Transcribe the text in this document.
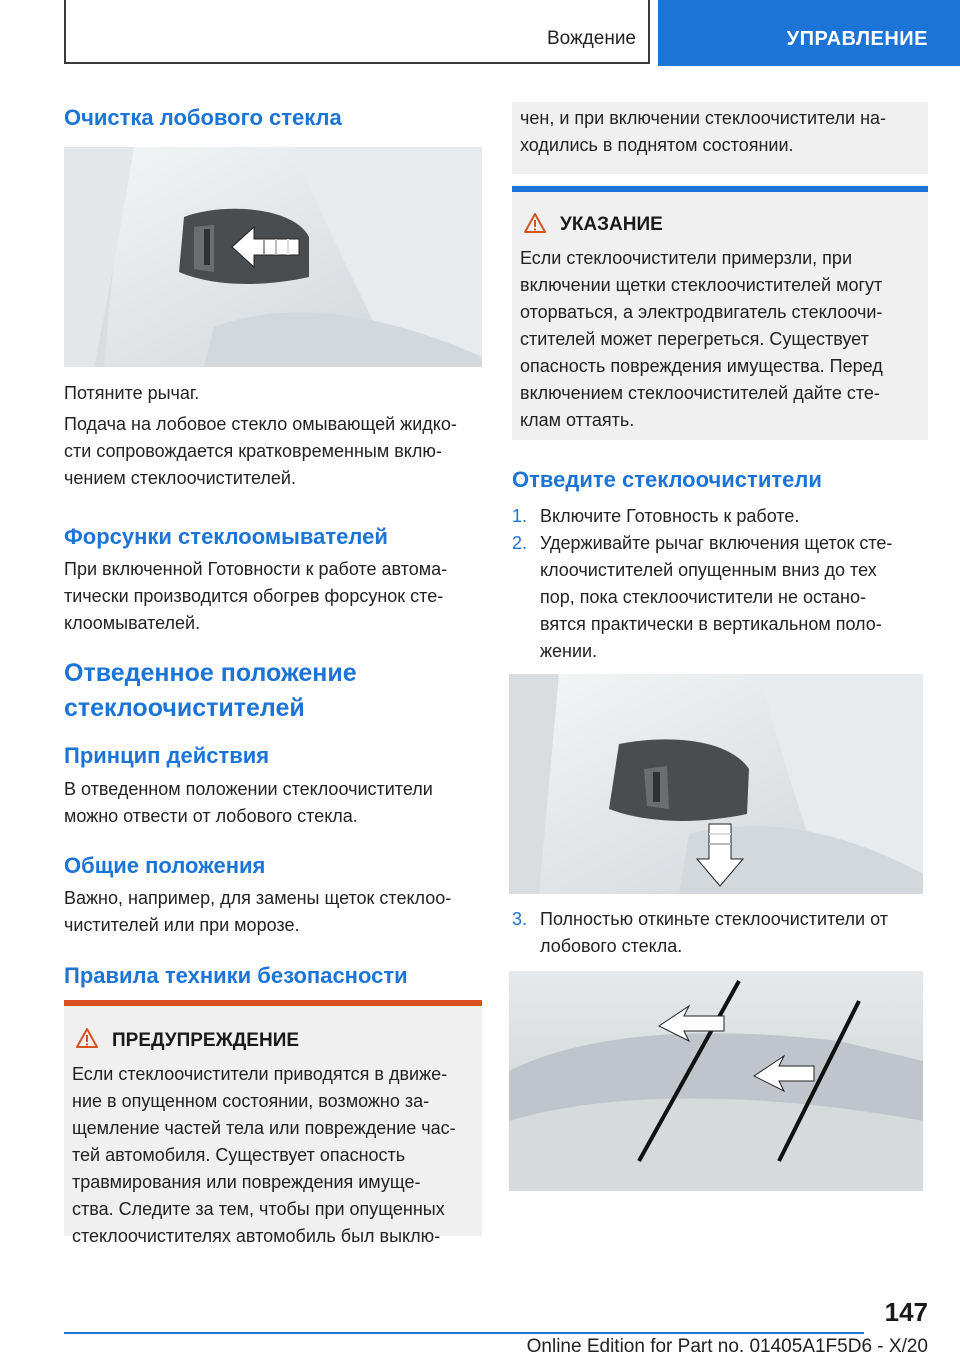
Вождение	УПРАВЛЕНИЕ
Очистка лобового стекла
Потяните рычаг.
Подача на лобовое стекло омывающей жидко-
сти сопровождается кратковременным вклю-
чением стеклоочистителей.
Форсунки стеклоомывателей
При включенной Готовности к работе автома-
тически производится обогрев форсунок сте-
клоомывателей.
Отведенное положение
стеклоочистителей
Принцип действия
В отведенном положении стеклоочистители
можно отвести от лобового стекла.
Общие положения
Важно, например, для замены щеток стеклоо-
чистителей или при морозе.
Правила техники безопасности
ПРЕДУПРЕЖДЕНИЕ
Если стеклоочистители приводятся в движе-
ние в опущенном состоянии, возможно за-
щемление частей тела или повреждение час-
тей автомобиля. Существует опасность
травмирования или повреждения имуще-
ства. Следите за тем, чтобы при опущенных
стеклоочистителях автомобиль был выклю-
чен, и при включении стеклоочистители на-
ходились в поднятом состоянии.
УКАЗАНИЕ
Если стеклоочистители примерзли, при
включении щетки стеклоочистителей могут
оторваться, а электродвигатель стеклоочи-
стителей может перегреться. Существует
опасность повреждения имущества. Перед
включением стеклоочистителей дайте сте-
клам оттаять.
Отведите стеклоочистители
1. Включите Готовность к работе.
2. Удерживайте рычаг включения щеток сте-
клоочистителей опущенным вниз до тех
пор, пока стеклоочистители не остано-
вятся практически в вертикальном поло-
жении.
3. Полностью откиньте стеклоочистители от
лобового стекла.
147
Online Edition for Part no. 01405A1F5D6 - X/20
